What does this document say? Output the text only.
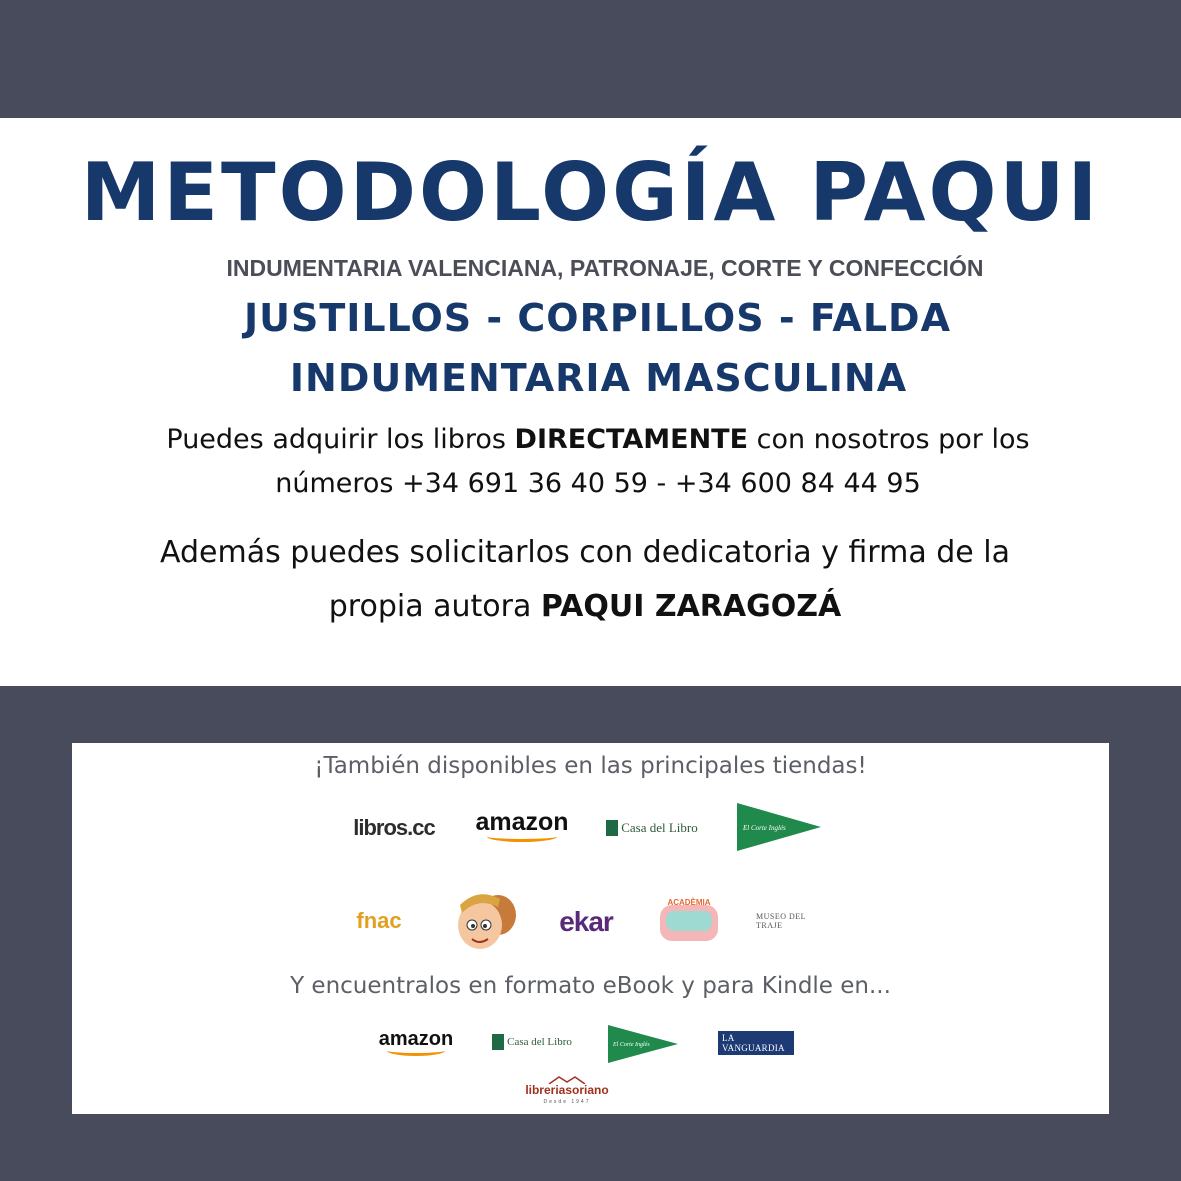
METODOLOGÍA PAQUI
INDUMENTARIA VALENCIANA, PATRONAJE, CORTE Y CONFECCIÓN
JUSTILLOS - CORPILLOS - FALDA
INDUMENTARIA MASCULINA
Puedes adquirir los libros DIRECTAMENTE con nosotros por los
números +34 691 36 40 59 - +34 600 84 44 95
Además puedes solicitarlos con dedicatoria y firma de la
propia autora PAQUI ZARAGOZÁ
¡También disponibles en las principales tiendas!
libros.cc amazon	Casa del Libro	El Corte Inglés
fnac	ekar
ACADÈMIA
MUSEO DEL TRAJE
Y encuentralos en formato eBook y para Kindle en...
amazon	Casa del Libro	El Corte Inglés
LA VANGUARDIA
libreriasoriano
Desde 1947
